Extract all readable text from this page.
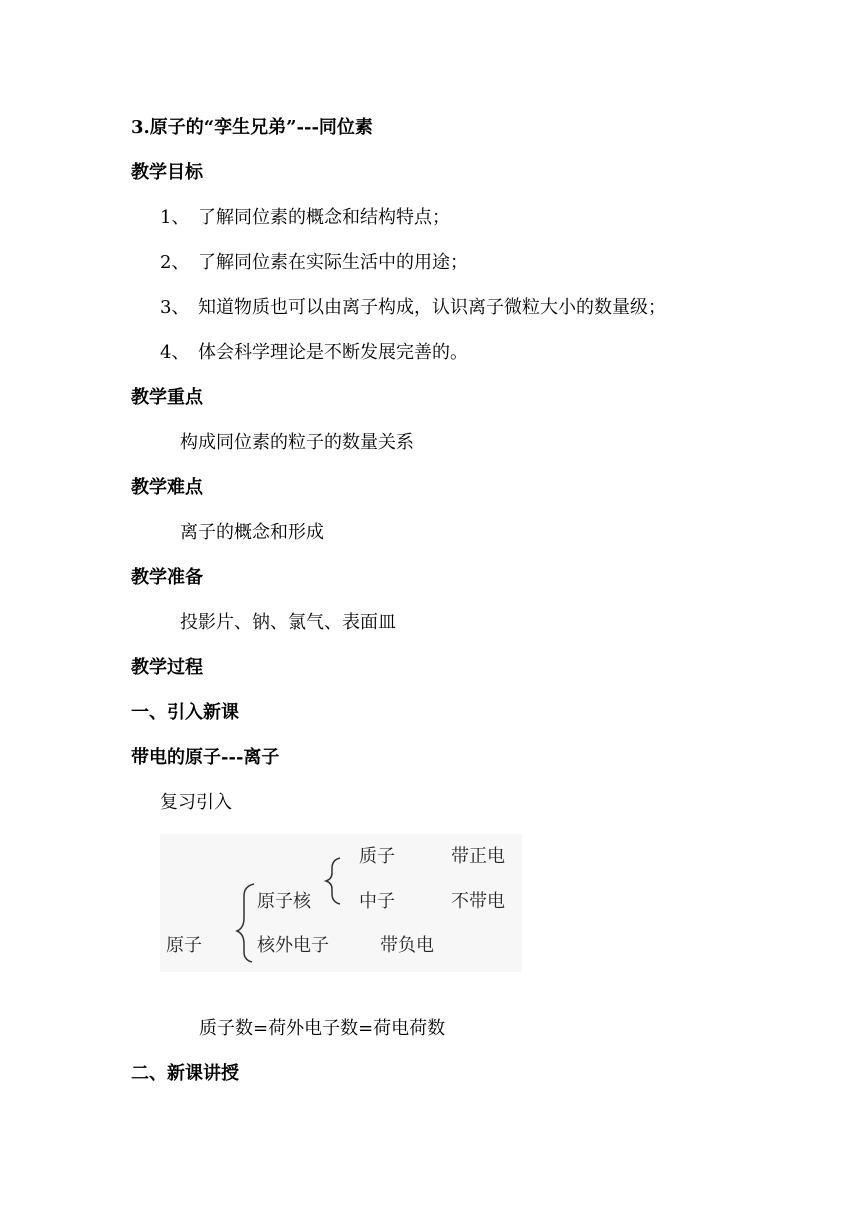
3.原子的“孪生兄弟”---同位素
教学目标
1、 了解同位素的概念和结构特点；
2、 了解同位素在实际生活中的用途；
3、 知道物质也可以由离子构成，认识离子微粒大小的数量级；
4、 体会科学理论是不断发展完善的。
教学重点
构成同位素的粒子的数量关系
教学难点
离子的概念和形成
教学准备
投影片、钠、氯气、表面皿
教学过程
一、引入新课
带电的原子---离子
复习引入
质子	带正电
原子核	中子	不带电
原子	核外电子	带负电
质子数=荷外电子数=荷电荷数
二、新课讲授
